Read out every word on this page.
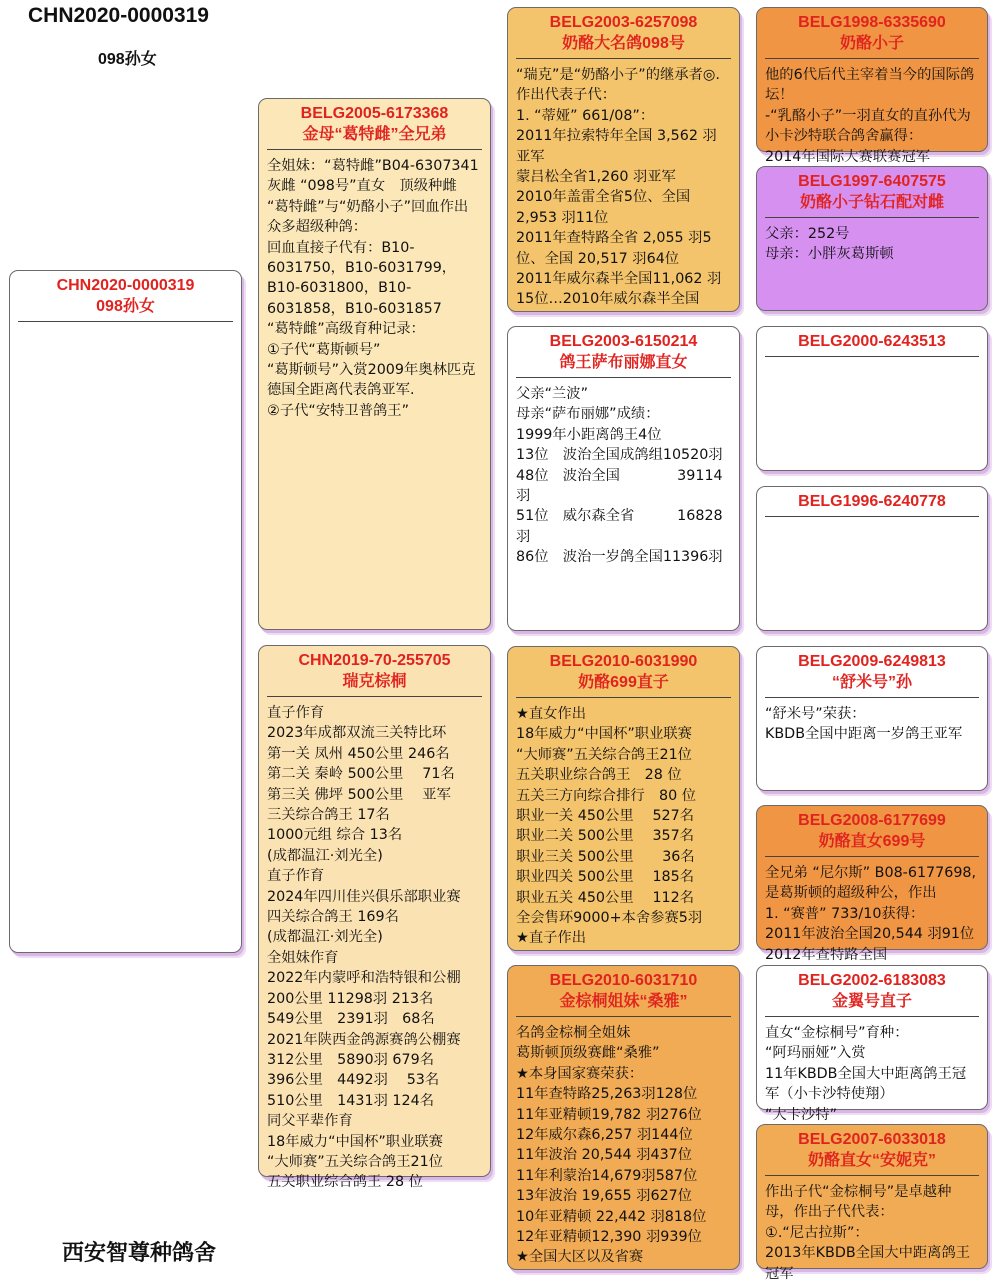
CHN2020-0000319
098孙女
CHN2020-0000319
098孙女
BELG2005-6173368
金母“葛特雌”全兄弟
全姐妹：“葛特雌”B04-6307341灰雌 “098号”直女　顶级种雌
“葛特雌”与“奶酪小子”回血作出众多超级种鸽：
回血直接子代有：B10-6031750，B10-6031799，B10-6031800，B10-6031858，B10-6031857
“葛特雌”高级育种记录：
①子代“葛斯顿号”
“葛斯顿号”入赏2009年奥林匹克德国全距离代表鸽亚军.
②子代“安特卫普鸽王”
CHN2019-70-255705
瑞克棕桐
直子作育
2023年成都双流三关特比环
第一关 凤州 450公里 246名
第二关 秦岭 500公里　 71名
第三关 佛坪 500公里　 亚军
三关综合鸽王 17名
1000元组 综合 13名
(成都温江·刘光全)
直子作育
2024年四川佳兴俱乐部职业赛
四关综合鸽王 169名
(成都温江·刘光全)
全姐妹作育
2022年内蒙呼和浩特银和公棚
200公里 11298羽 213名
549公里　2391羽　68名
2021年陕西金鸽源赛鸽公棚赛
312公里　5890羽 679名
396公里　4492羽　 53名
510公里　1431羽 124名
同父平辈作育
18年威力“中国杯”职业联赛
“大师赛”五关综合鸽王21位
五关职业综合鸽王 28 位
BELG2003-6257098
奶酪大名鸽098号
“瑞克”是“奶酪小子”的继承者◎.作出代表子代：
1. “蒂娅” 661/08”：
2011年拉索特年全国 3,562 羽亚军
蒙吕松全省1,260 羽亚军
2010年盖雷全省5位、全国 2,953 羽11位
2011年查特路全省 2,055 羽5位、全国 20,517 羽64位
2011年威尔森半全国11,062 羽15位…2010年威尔森半全国
BELG2003-6150214
鸽王萨布丽娜直女
父亲“兰波”
母亲“萨布丽娜”成绩：
1999年小距离鸽王4位
13位　波治全国成鸽组10520羽
48位　波治全国　　　　39114羽
51位　威尔森全省　　　16828羽
86位　波治一岁鸽全国11396羽
BELG2010-6031990
奶酪699直子
★直女作出
18年威力“中国杯”职业联赛
“大师赛”五关综合鸽王21位
五关职业综合鸽王　28 位
五关三方向综合排行　80 位
职业一关 450公里　 527名
职业二关 500公里　 357名
职业三关 500公里　　36名
职业四关 500公里　 185名
职业五关 450公里　 112名
全会售环9000+本舍参赛5羽
★直子作出
BELG2010-6031710
金棕桐姐妹“桑雅”
名鸽金棕桐全姐妹
葛斯顿顶级赛雌“桑雅”
★本身国家赛荣获：
11年查特路25,263羽128位
11年亚精顿19,782 羽276位
12年威尔森6,257 羽144位
11年波治 20,544 羽437位
11年利蒙治14,679羽587位
13年波治 19,655 羽627位
10年亚精顿 22,442 羽818位
12年亚精顿12,390 羽939位
★全国大区以及省赛
BELG1998-6335690
奶酪小子
他的6代后代主宰着当今的国际鸽坛！
-“乳酪小子”一羽直女的直孙代为小卡沙特联合鸽舍赢得：
2014年国际大赛联赛冠军
BELG1997-6407575
奶酪小子钻石配对雌
父亲：252号
母亲：小胖灰葛斯顿
BELG2000-6243513
BELG1996-6240778
BELG2009-6249813
“舒米号”孙
“舒米号”荣获：
KBDB全国中距离一岁鸽王亚军
BELG2008-6177699
奶酪直女699号
全兄弟 “尼尔斯” B08-6177698, 是葛斯顿的超级种公，作出
1. “赛普” 733/10获得：
2011年波治全国20,544 羽91位
2012年查特路全国
BELG2002-6183083
金翼号直子
直女“金棕桐号”育种：
“阿玛丽娅”入赏
11年KBDB全国大中距离鸽王冠军（小卡沙特使翔）
“大卡沙特”
BELG2007-6033018
奶酪直女“安妮克”
作出子代“金棕桐号”是卓越种母，作出子代代表：
①.“尼古拉斯”：
2013年KBDB全国大中距离鸽王冠军
西安智尊种鸽舍
